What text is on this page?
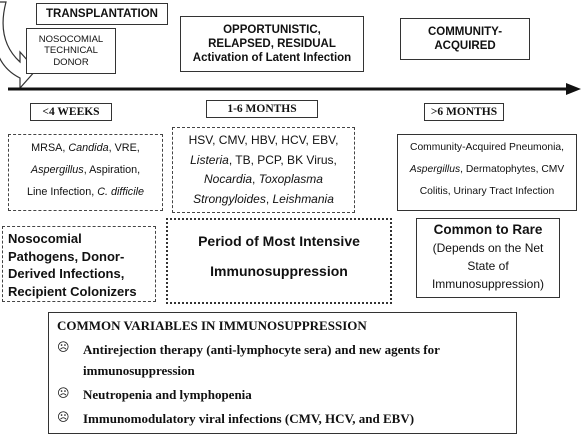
TRANSPLANTATION
NOSOCOMIAL
TECHNICAL
DONOR
OPPORTUNISTIC,
RELAPSED, RESIDUAL
Activation of Latent Infection
COMMUNITY-
ACQUIRED
<4 WEEKS	1-6 MONTHS	>6 MONTHS
MRSA, Candida, VRE,
Aspergillus, Aspiration,
Line Infection, C. difficile
HSV, CMV, HBV, HCV, EBV,
Listeria, TB, PCP, BK Virus,
Nocardia, Toxoplasma
Strongyloides, Leishmania
Community-Acquired Pneumonia,
Aspergillus, Dermatophytes, CMV
Colitis, Urinary Tract Infection
Nosocomial
Pathogens, Donor-
Derived Infections,
Recipient Colonizers
Period of Most Intensive
Immunosuppression
Common to Rare
(Depends on the Net
State of
Immunosuppression)
COMMON VARIABLES IN IMMUNOSUPPRESSION
☹	Antirejection therapy (anti-lymphocyte sera) and new agents for
immunosuppression
☹	Neutropenia and lymphopenia
☹	Immunomodulatory viral infections (CMV, HCV, and EBV)
